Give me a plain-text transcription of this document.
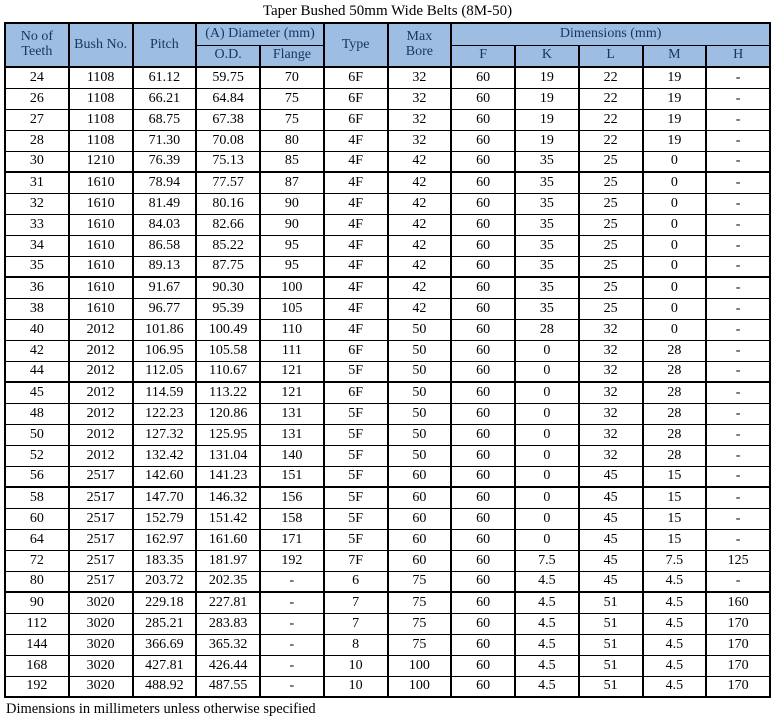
Taper Bushed 50mm Wide Belts (8M-50)
No of Teeth	Bush No.	Pitch	(A) Diameter (mm)		Type	Max Bore	Dimensions (mm)				
			O.D.	Flange			F	K	L	M	H
24	1108	61.12	59.75	70	6F	32	60	19	22	19	-
26	1108	66.21	64.84	75	6F	32	60	19	22	19	-
27	1108	68.75	67.38	75	6F	32	60	19	22	19	-
28	1108	71.30	70.08	80	4F	32	60	19	22	19	-
30	1210	76.39	75.13	85	4F	42	60	35	25	0	-
31	1610	78.94	77.57	87	4F	42	60	35	25	0	-
32	1610	81.49	80.16	90	4F	42	60	35	25	0	-
33	1610	84.03	82.66	90	4F	42	60	35	25	0	-
34	1610	86.58	85.22	95	4F	42	60	35	25	0	-
35	1610	89.13	87.75	95	4F	42	60	35	25	0	-
36	1610	91.67	90.30	100	4F	42	60	35	25	0	-
38	1610	96.77	95.39	105	4F	42	60	35	25	0	-
40	2012	101.86	100.49	110	4F	50	60	28	32	0	-
42	2012	106.95	105.58	111	6F	50	60	0	32	28	-
44	2012	112.05	110.67	121	5F	50	60	0	32	28	-
45	2012	114.59	113.22	121	6F	50	60	0	32	28	-
48	2012	122.23	120.86	131	5F	50	60	0	32	28	-
50	2012	127.32	125.95	131	5F	50	60	0	32	28	-
52	2012	132.42	131.04	140	5F	50	60	0	32	28	-
56	2517	142.60	141.23	151	5F	60	60	0	45	15	-
58	2517	147.70	146.32	156	5F	60	60	0	45	15	-
60	2517	152.79	151.42	158	5F	60	60	0	45	15	-
64	2517	162.97	161.60	171	5F	60	60	0	45	15	-
72	2517	183.35	181.97	192	7F	60	60	7.5	45	7.5	125
80	2517	203.72	202.35	-	6	75	60	4.5	45	4.5	-
90	3020	229.18	227.81	-	7	75	60	4.5	51	4.5	160
112	3020	285.21	283.83	-	7	75	60	4.5	51	4.5	170
144	3020	366.69	365.32	-	8	75	60	4.5	51	4.5	170
168	3020	427.81	426.44	-	10	100	60	4.5	51	4.5	170
192	3020	488.92	487.55	-	10	100	60	4.5	51	4.5	170
Dimensions in millimeters unless otherwise specified
